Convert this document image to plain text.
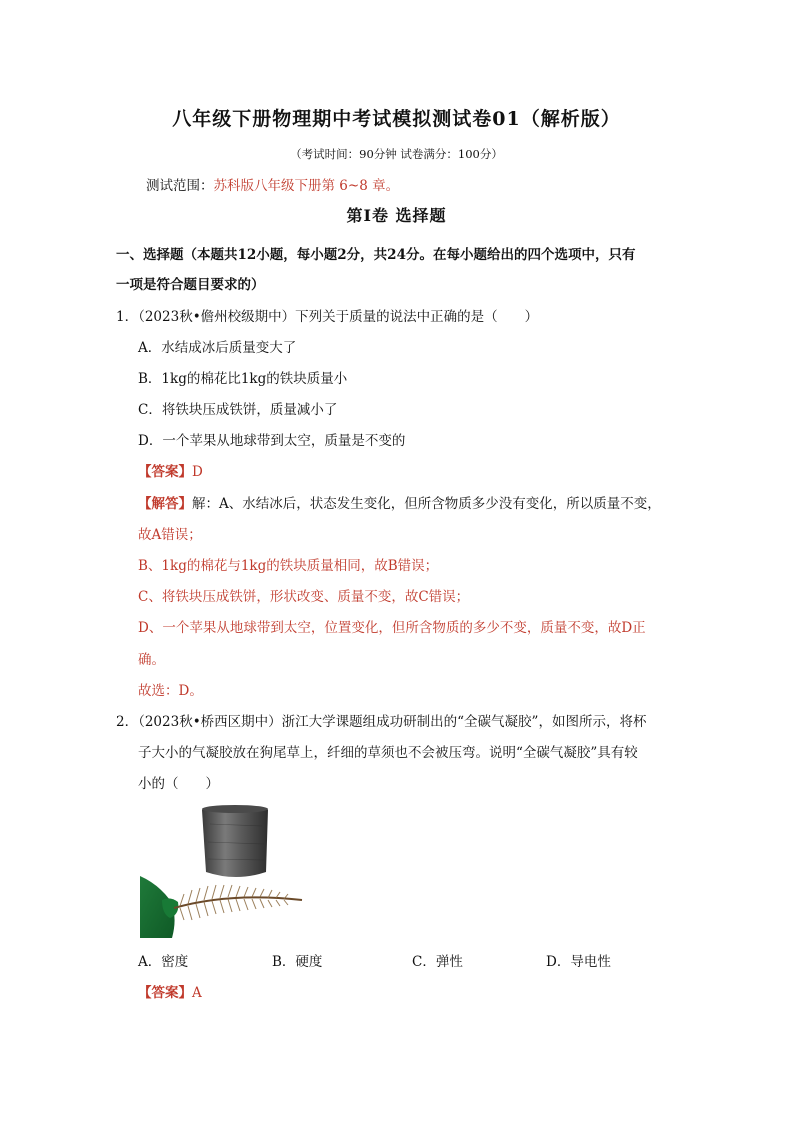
八年级下册物理期中考试模拟测试卷01（解析版）
（考试时间：90分钟 试卷满分：100分）
测试范围：苏科版八年级下册第 6~8 章。
第Ⅰ卷 选择题
一、选择题（本题共12小题，每小题2分，共24分。在每小题给出的四个选项中，只有
一项是符合题目要求的）
1．（2023秋•儋州校级期中）下列关于质量的说法中正确的是（　　）
A．水结成冰后质量变大了
B．1kg的棉花比1kg的铁块质量小
C．将铁块压成铁饼，质量减小了
D．一个苹果从地球带到太空，质量是不变的
【答案】D
【解答】解：A、水结冰后，状态发生变化，但所含物质多少没有变化，所以质量不变，
故A错误；
B、1kg的棉花与1kg的铁块质量相同，故B错误；
C、将铁块压成铁饼，形状改变、质量不变，故C错误；
D、一个苹果从地球带到太空，位置变化，但所含物质的多少不变，质量不变，故D正
确。
故选：D。
2．（2023秋•桥西区期中）浙江大学课题组成功研制出的“全碳气凝胶”，如图所示，将杯
子大小的气凝胶放在狗尾草上，纤细的草须也不会被压弯。说明“全碳气凝胶”具有较
小的（　　）
A．密度	B．硬度	C．弹性	D．导电性
【答案】A
